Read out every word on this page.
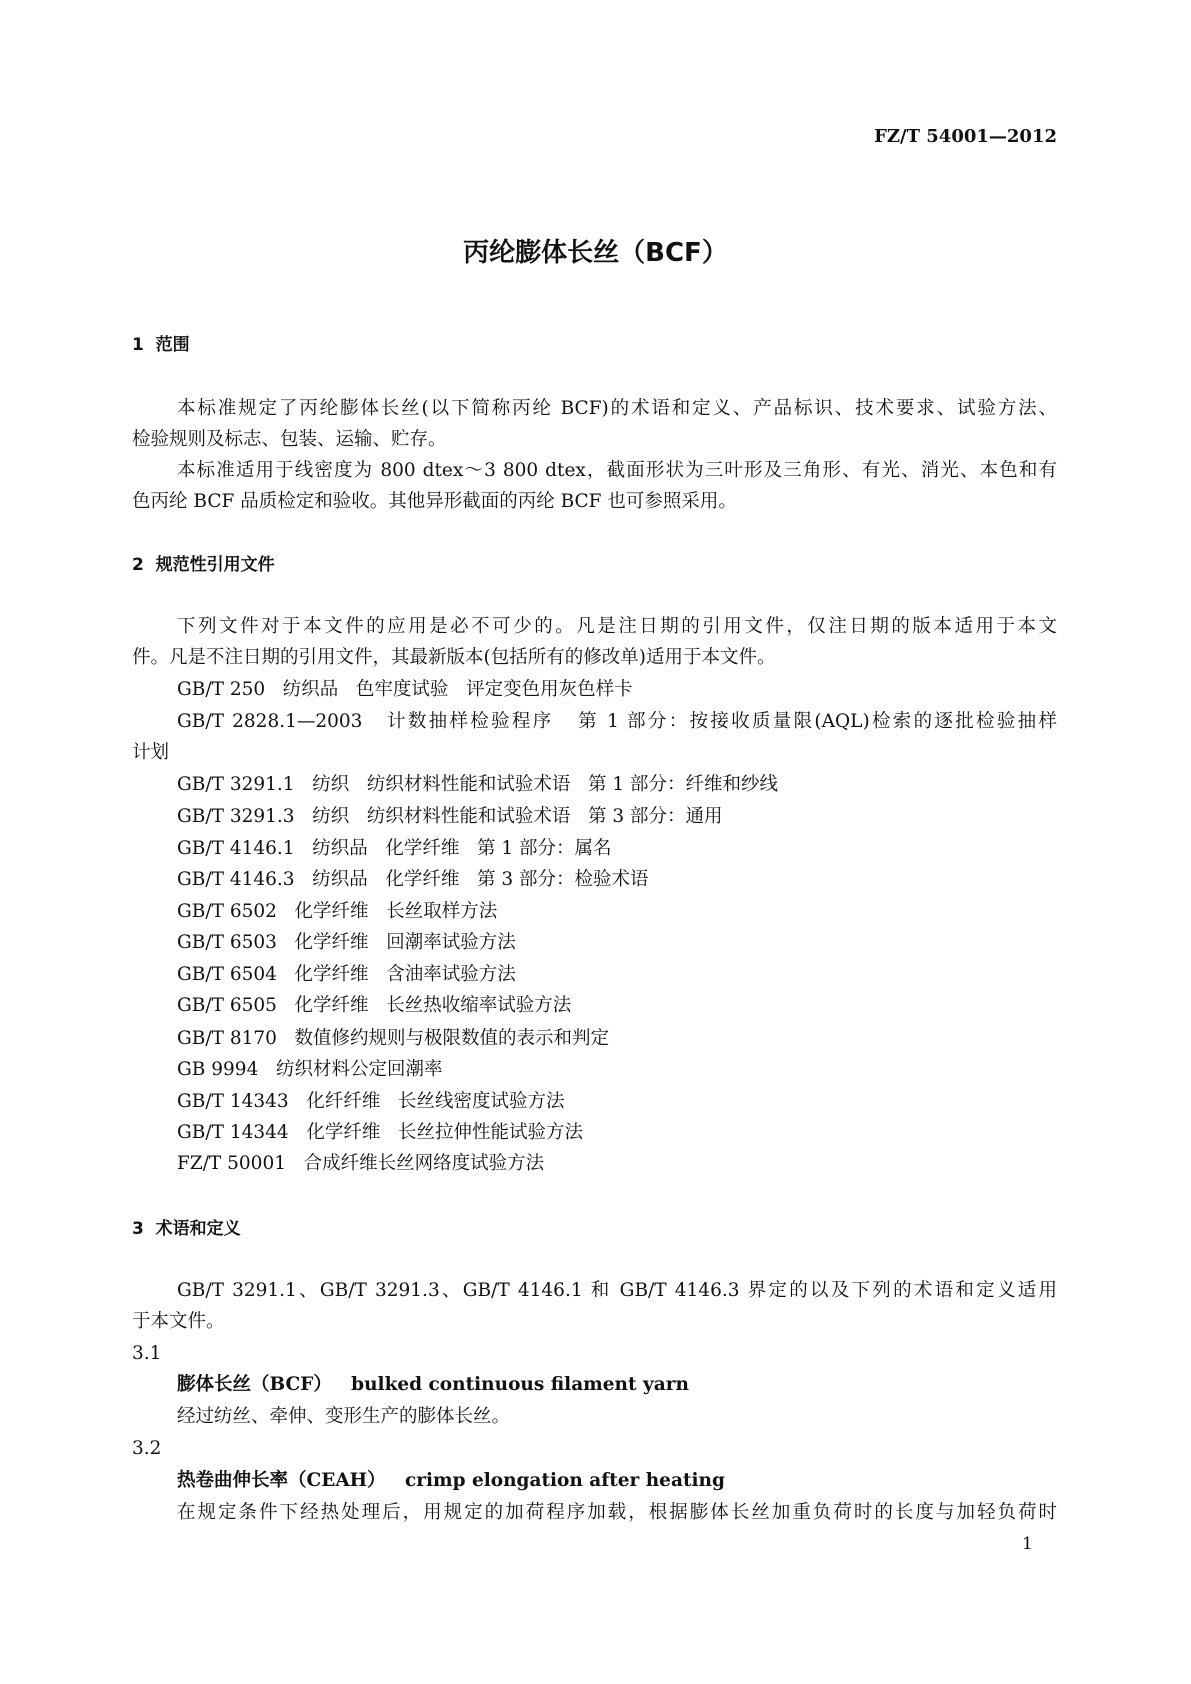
FZ/T 54001—2012
丙纶膨体长丝（BCF）
1  范围
本标准规定了丙纶膨体长丝(以下简称丙纶 BCF)的术语和定义、产品标识、技术要求、试验方法、
检验规则及标志、包装、运输、贮存。
本标准适用于线密度为 800 dtex～3 800 dtex，截面形状为三叶形及三角形、有光、消光、本色和有
色丙纶 BCF 品质检定和验收。其他异形截面的丙纶 BCF 也可参照采用。
2  规范性引用文件
下列文件对于本文件的应用是必不可少的。凡是注日期的引用文件，仅注日期的版本适用于本文
件。凡是不注日期的引用文件，其最新版本(包括所有的修改单)适用于本文件。
GB/T 250   纺织品   色牢度试验   评定变色用灰色样卡
GB/T 2828.1—2003   计数抽样检验程序   第 1 部分：按接收质量限(AQL)检索的逐批检验抽样
计划
GB/T 3291.1   纺织   纺织材料性能和试验术语   第 1 部分：纤维和纱线
GB/T 3291.3   纺织   纺织材料性能和试验术语   第 3 部分：通用
GB/T 4146.1   纺织品   化学纤维   第 1 部分：属名
GB/T 4146.3   纺织品   化学纤维   第 3 部分：检验术语
GB/T 6502   化学纤维   长丝取样方法
GB/T 6503   化学纤维   回潮率试验方法
GB/T 6504   化学纤维   含油率试验方法
GB/T 6505   化学纤维   长丝热收缩率试验方法
GB/T 8170   数值修约规则与极限数值的表示和判定
GB 9994   纺织材料公定回潮率
GB/T 14343   化纤纤维   长丝线密度试验方法
GB/T 14344   化学纤维   长丝拉伸性能试验方法
FZ/T 50001   合成纤维长丝网络度试验方法
3  术语和定义
GB/T 3291.1、GB/T 3291.3、GB/T 4146.1 和 GB/T 4146.3 界定的以及下列的术语和定义适用
于本文件。
3.1
膨体长丝（BCF）   bulked continuous filament yarn
经过纺丝、牵伸、变形生产的膨体长丝。
3.2
热卷曲伸长率（CEAH）   crimp elongation after heating
在规定条件下经热处理后，用规定的加荷程序加载，根据膨体长丝加重负荷时的长度与加轻负荷时
1
